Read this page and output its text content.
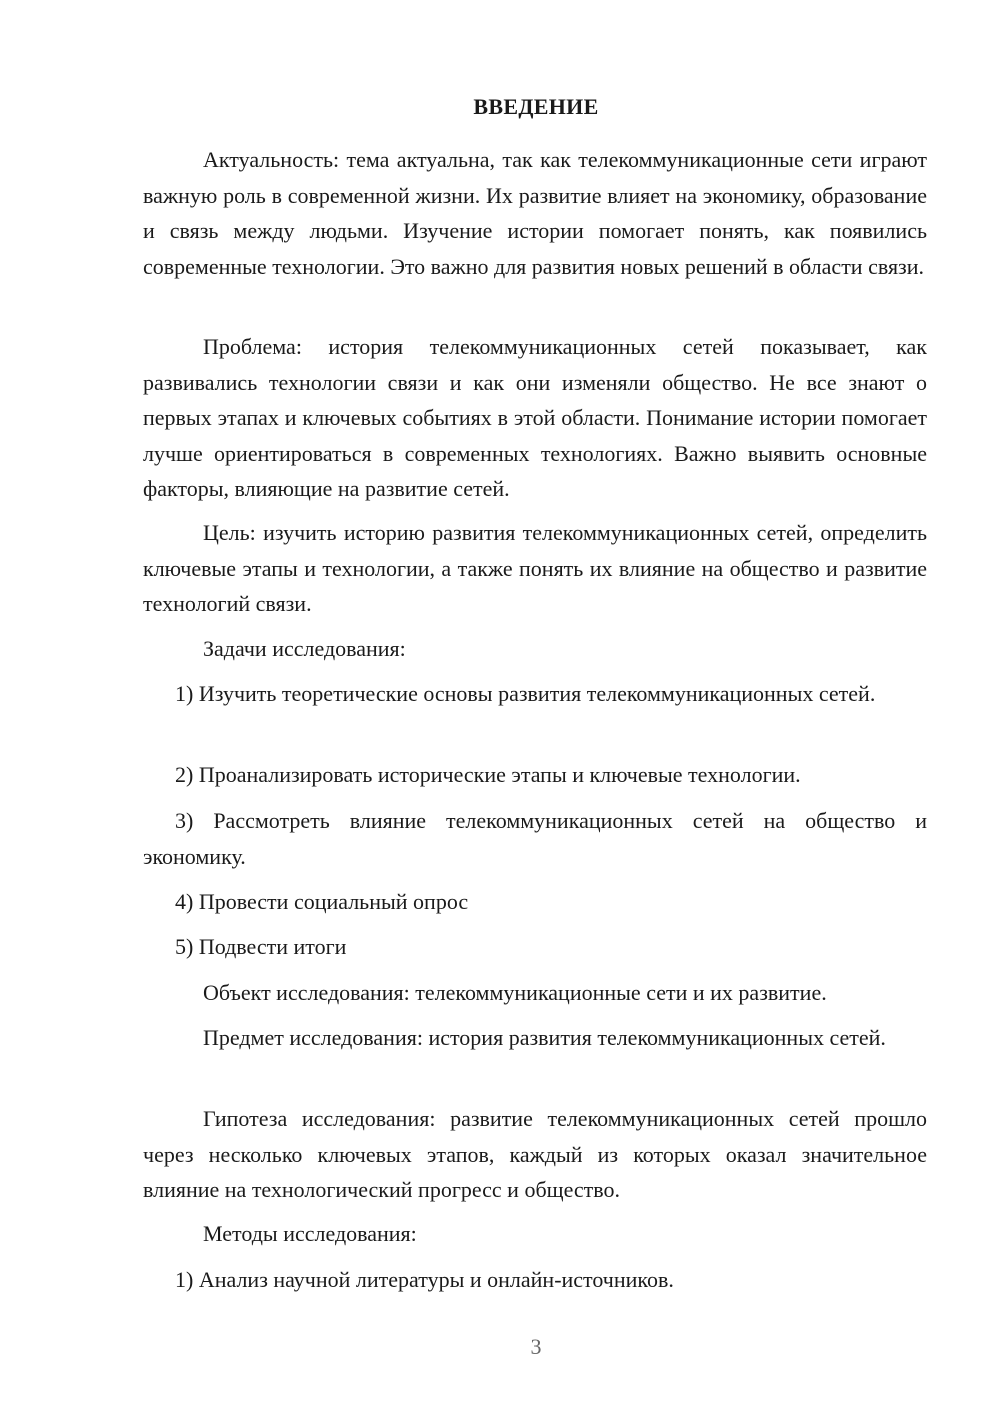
ВВЕДЕНИЕ
Актуальность: тема актуальна, так как телекоммуникационные сети играют важную роль в современной жизни. Их развитие влияет на экономику, образование и связь между людьми. Изучение истории помогает понять, как появились современные технологии. Это важно для развития новых решений в области связи.
Проблема: история телекоммуникационных сетей показывает, как развивались технологии связи и как они изменяли общество. Не все знают о первых этапах и ключевых событиях в этой области. Понимание истории помогает лучше ориентироваться в современных технологиях. Важно выявить основные факторы, влияющие на развитие сетей.
Цель: изучить историю развития телекоммуникационных сетей, определить ключевые этапы и технологии, а также понять их влияние на общество и развитие технологий связи.
Задачи исследования:
1) Изучить теоретические основы развития телекоммуникационных сетей.
2) Проанализировать исторические этапы и ключевые технологии.
3) Рассмотреть влияние телекоммуникационных сетей на общество и экономику.
4) Провести социальный опрос
5) Подвести итоги
Объект исследования: телекоммуникационные сети и их развитие.
Предмет исследования: история развития телекоммуникационных сетей.
Гипотеза исследования: развитие телекоммуникационных сетей прошло через несколько ключевых этапов, каждый из которых оказал значительное влияние на технологический прогресс и общество.
Методы исследования:
1) Анализ научной литературы и онлайн-источников.
3
